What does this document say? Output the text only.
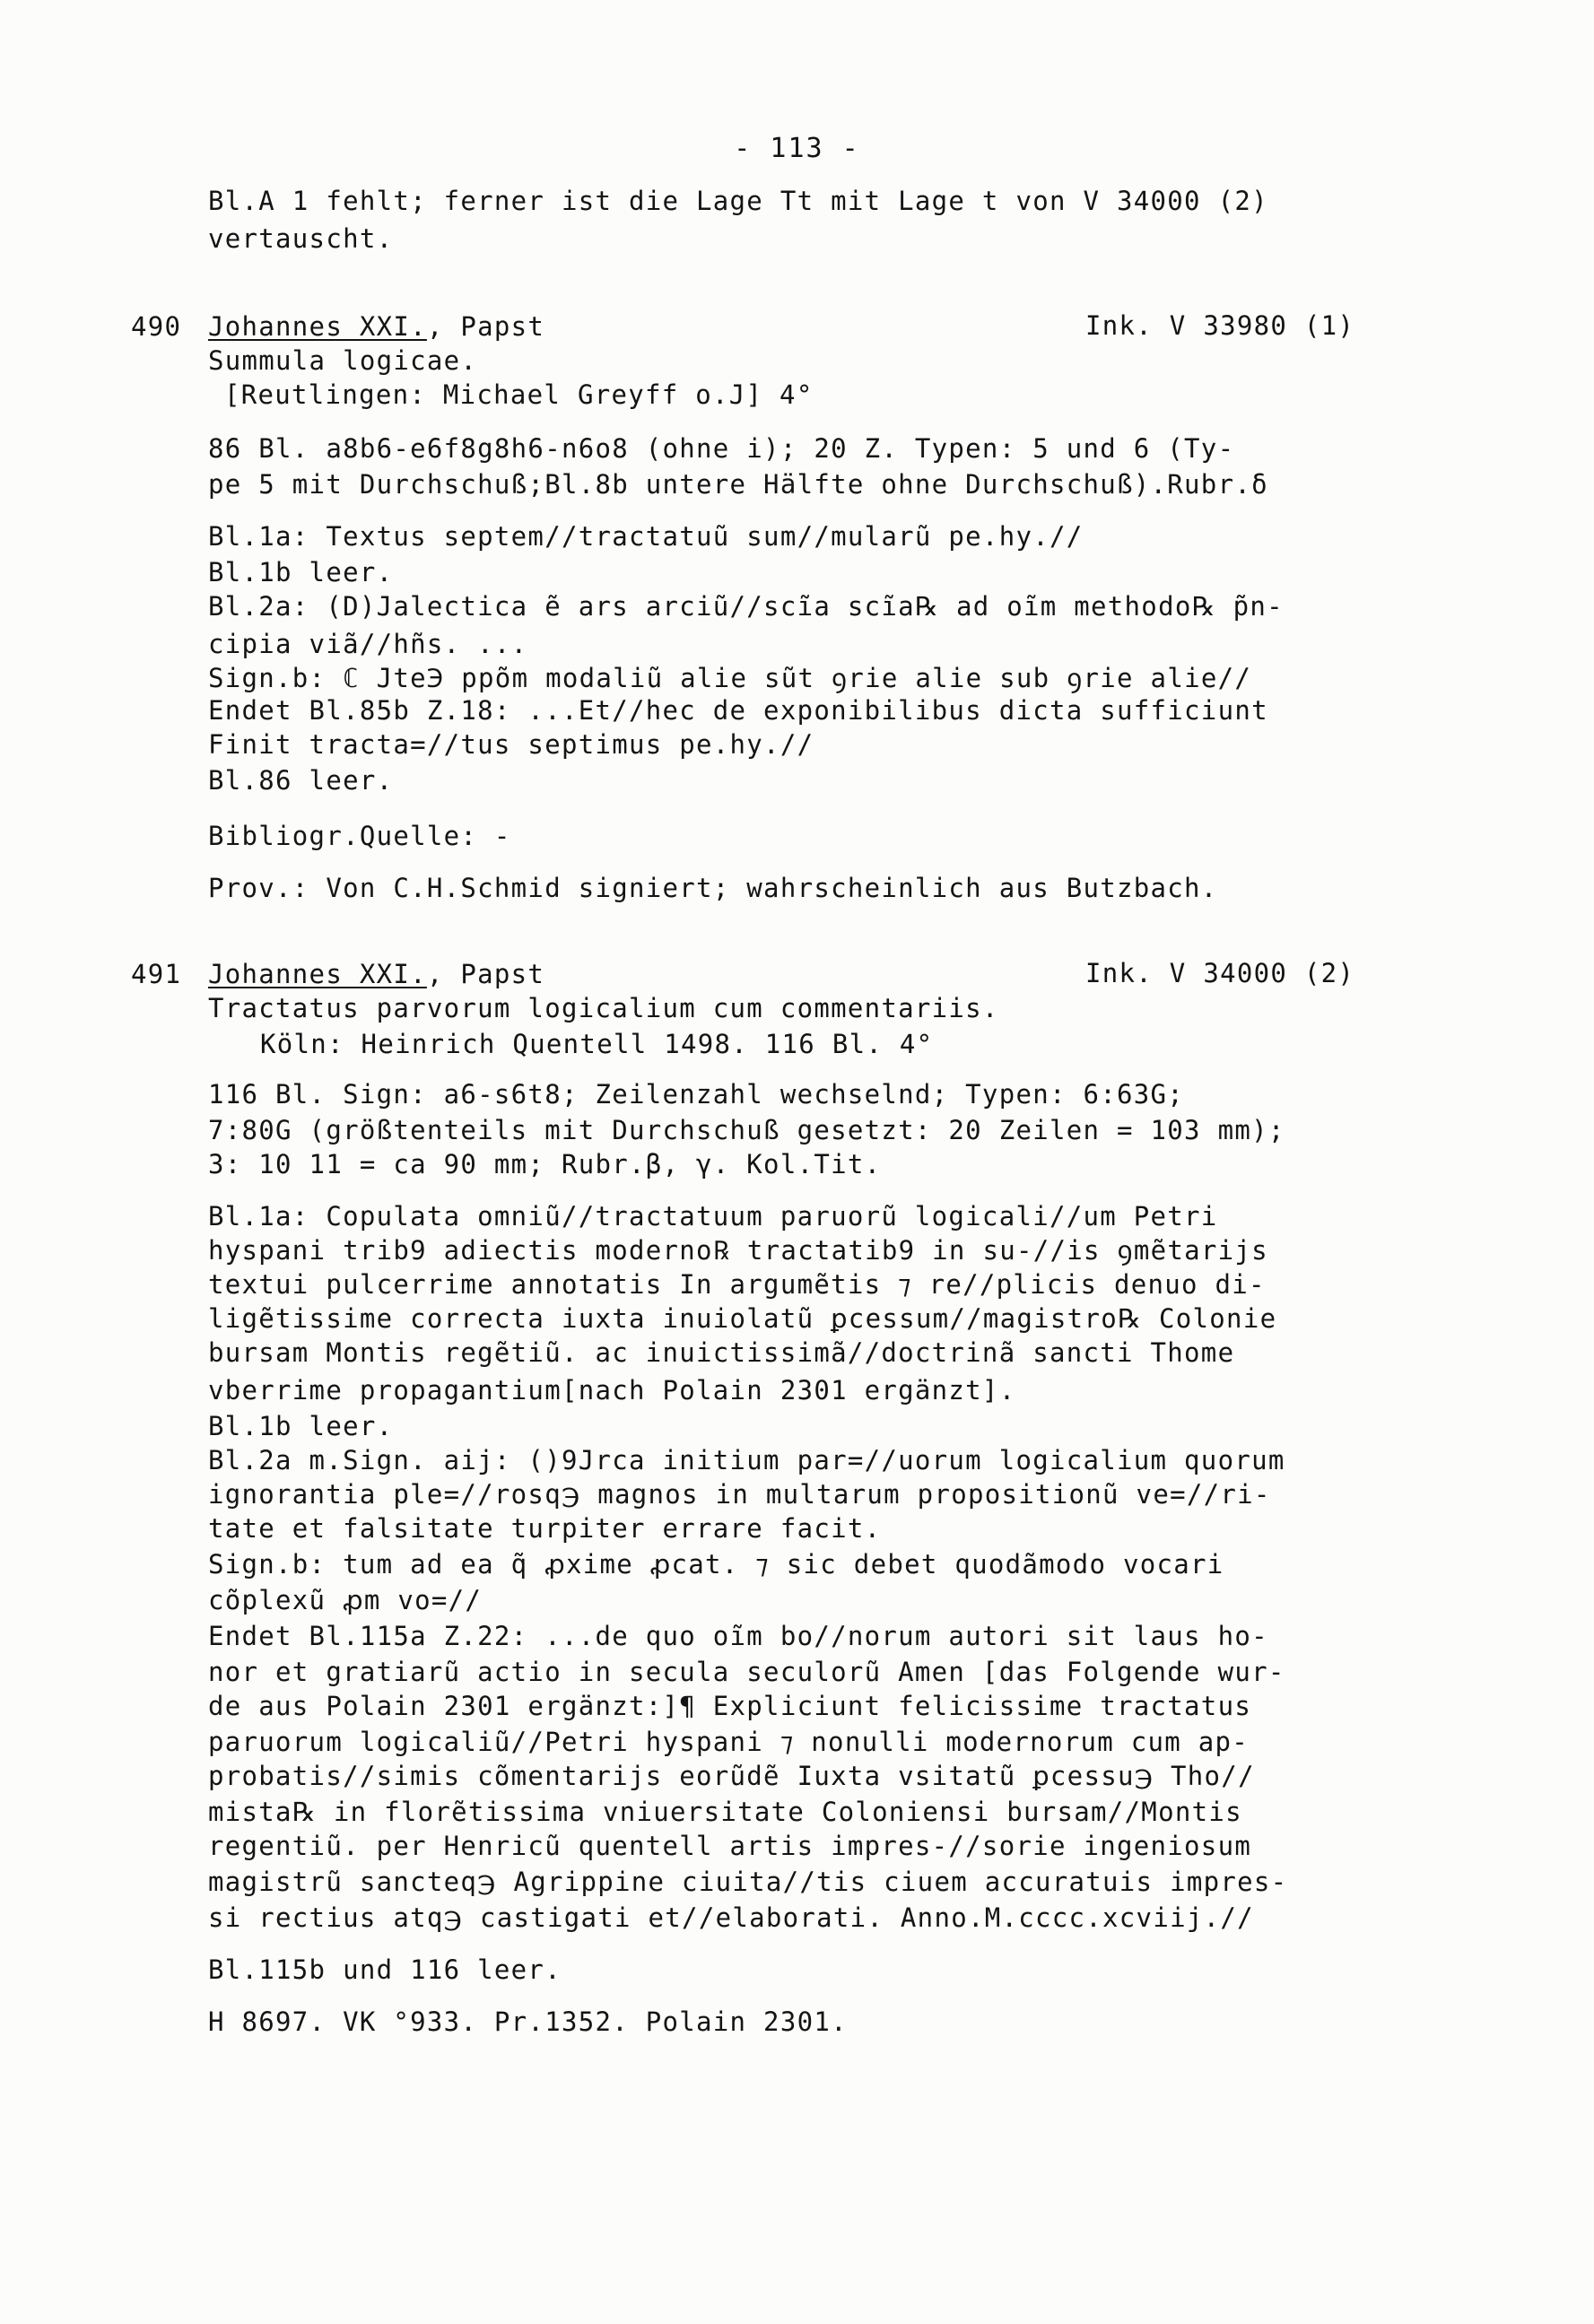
- 113 -
Bl.A 1 fehlt; ferner ist die Lage Tt mit Lage t von V 34000 (2)
vertauscht.
490 Johannes XXI., Papst	Ink. V 33980 (1)
Summula logicae.
[Reutlingen: Michael Greyff o.J] 4°
86 Bl. a8b6-e6f8g8h6-n6o8 (ohne i); 20 Z. Typen: 5 und 6 (Ty-
pe 5 mit Durchschuß;Bl.8b untere Hälfte ohne Durchschuß).Rubr.δ
Bl.1a: Textus septem//tractatuũ sum//mularũ pe.hy.//
Bl.1b leer.
Bl.2a: (D)Jalectica ẽ ars arciũ//scĩa scĩa℞ ad oĩm methodo℞ p̃n-
cipia viã//hñs. ...
Sign.b: ℂ Jte℈ ppõm modaliũ alie sũt ꝯrie alie sub ꝯrie alie//
Endet Bl.85b Z.18: ...Et//hec de exponibilibus dicta sufficiunt
Finit tracta=//tus septimus pe.hy.//
Bl.86 leer.
Bibliogr.Quelle: -
Prov.: Von C.H.Schmid signiert; wahrscheinlich aus Butzbach.
491 Johannes XXI., Papst	Ink. V 34000 (2)
Tractatus parvorum logicalium cum commentariis.
Köln: Heinrich Quentell 1498. 116 Bl. 4°
116 Bl. Sign: a6-s6t8; Zeilenzahl wechselnd; Typen: 6:63G;
7:80G (größtenteils mit Durchschuß gesetzt: 20 Zeilen = 103 mm);
3: 10 11 = ca 90 mm; Rubr.β, γ. Kol.Tit.
Bl.1a: Copulata omniũ//tractatuum paruorũ logicali//um Petri
hyspani trib9 adiectis moderno℞ tractatib9 in su-//is ꝯmẽtarijs
textui pulcerrime annotatis In argumẽtis ⁊ re//plicis denuo di-
ligẽtissime correcta iuxta inuiolatũ ꝑcessum//magistro℞ Colonie
bursam Montis regẽtiũ. ac inuictissimã//doctrinã sancti Thome
vberrime propagantium[nach Polain 2301 ergänzt].
Bl.1b leer.
Bl.2a m.Sign. aij: ()9Jrca initium par=//uorum logicalium quorum
ignorantia ple=//rosq℈ magnos in multarum propositionũ ve=//ri-
tate et falsitate turpiter errare facit.
Sign.b: tum ad ea q̃ ꝓxime ꝓcat. ⁊ sic debet quodãmodo vocari
cõplexũ ꝓm vo=//
Endet Bl.115a Z.22: ...de quo oĩm bo//norum autori sit laus ho-
nor et gratiarũ actio in secula seculorũ Amen [das Folgende wur-
de aus Polain 2301 ergänzt:]¶ Expliciunt felicissime tractatus
paruorum logicaliũ//Petri hyspani ⁊ nonulli modernorum cum ap-
probatis//simis cõmentarijs eorũdẽ Iuxta vsitatũ ꝑcessu℈ Tho//
mista℞ in florẽtissima vniuersitate Coloniensi bursam//Montis
regentiũ. per Henricũ quentell artis impres-//sorie ingeniosum
magistrũ sancteq℈ Agrippine ciuita//tis ciuem accuratuis impres-
si rectius atq℈ castigati et//elaborati. Anno.M.cccc.xcviij.//
Bl.115b und 116 leer.
H 8697. VK °933. Pr.1352. Polain 2301.
